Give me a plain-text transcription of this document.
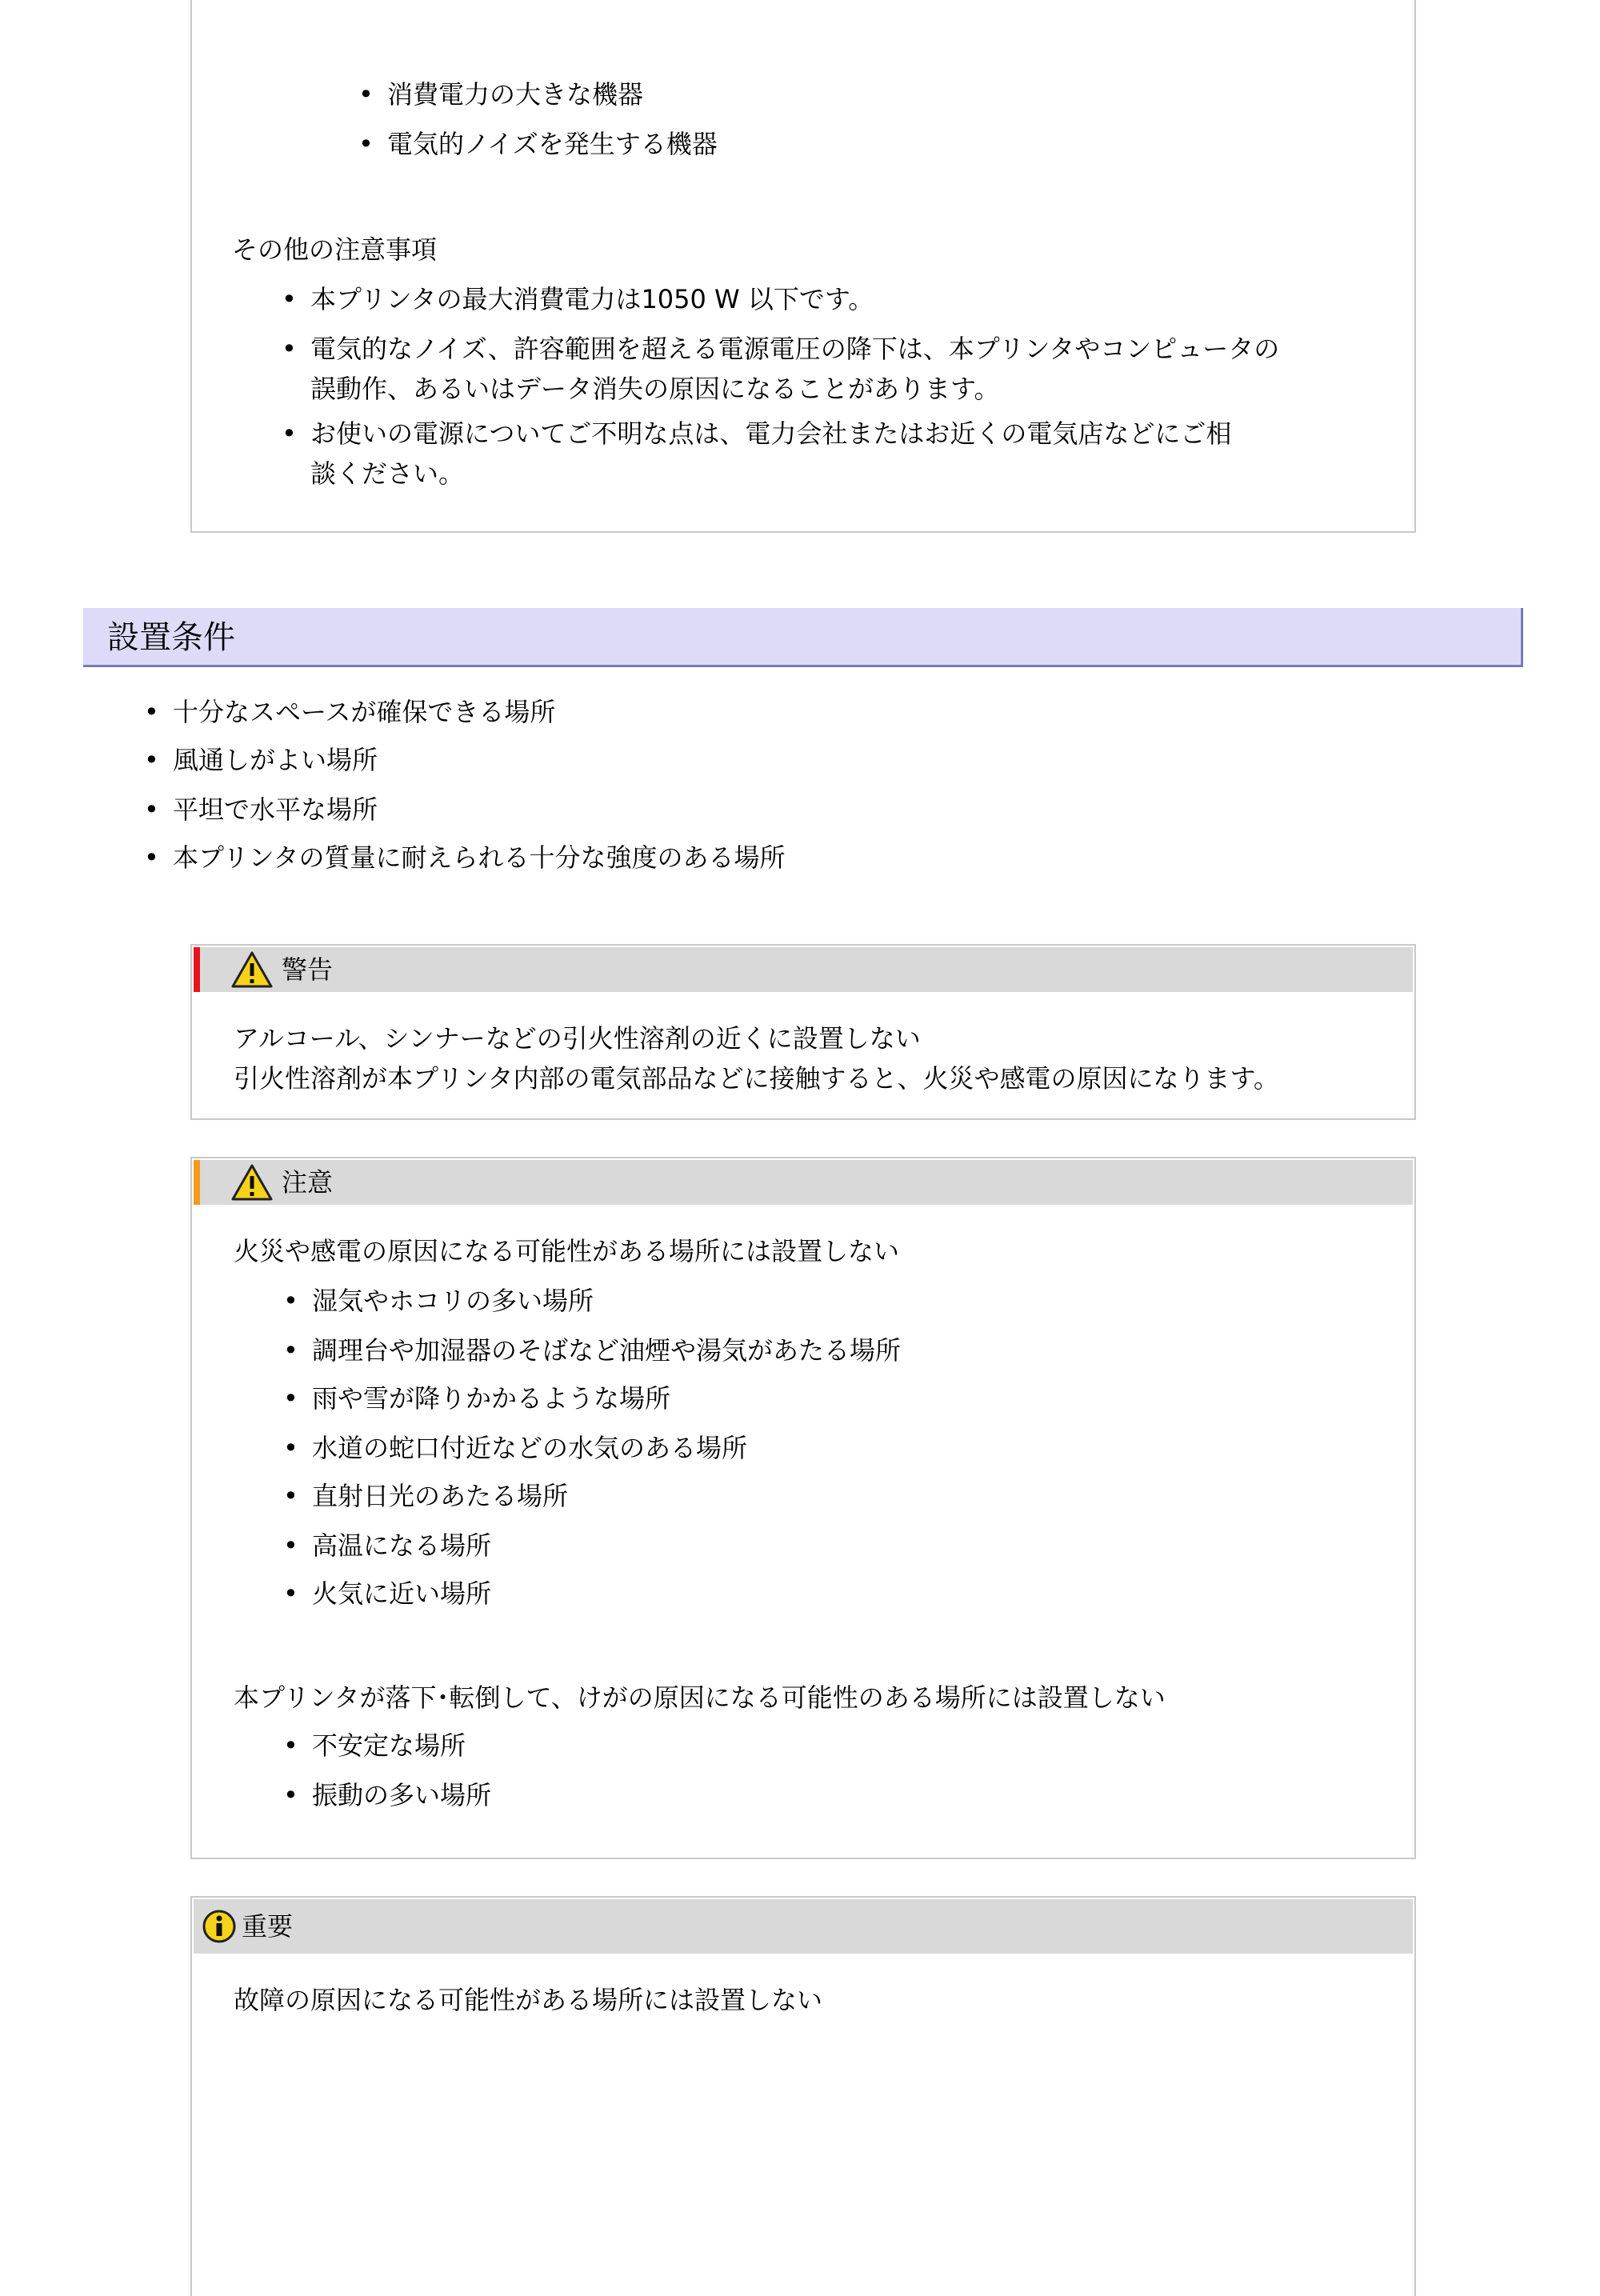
• 消費電力の大きな機器
• 電気的ノイズを発生する機器
その他の注意事項
• 本プリンタの最大消費電力は1050 W 以下です。
• 電気的なノイズ、許容範囲を超える電源電圧の降下は、本プリンタやコンピュータの
誤動作、あるいはデータ消失の原因になることがあります。
• お使いの電源についてご不明な点は、電力会社またはお近くの電気店などにご相
談ください。
設置条件
• 十分なスペースが確保できる場所
• 風通しがよい場所
• 平坦で水平な場所
• 本プリンタの質量に耐えられる十分な強度のある場所
警告
アルコール、シンナーなどの引火性溶剤の近くに設置しない
引火性溶剤が本プリンタ内部の電気部品などに接触すると、火災や感電の原因になります。
注意
火災や感電の原因になる可能性がある場所には設置しない
• 湿気やホコリの多い場所
• 調理台や加湿器のそばなど油煙や湯気があたる場所
• 雨や雪が降りかかるような場所
• 水道の蛇口付近などの水気のある場所
• 直射日光のあたる場所
• 高温になる場所
• 火気に近い場所
本プリンタが落下･転倒して、けがの原因になる可能性のある場所には設置しない
• 不安定な場所
• 振動の多い場所
重要
故障の原因になる可能性がある場所には設置しない
